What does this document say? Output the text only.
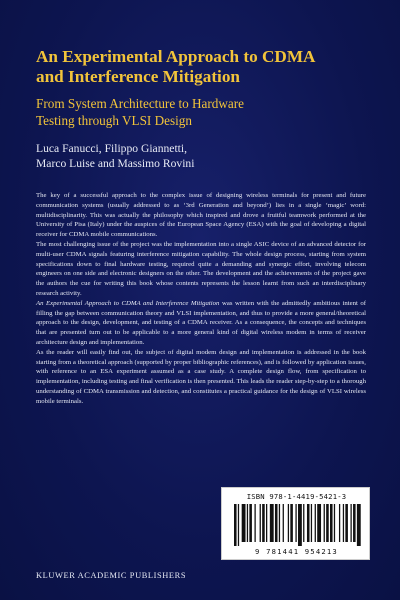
An Experimental Approach to CDMA
and Interference Mitigation
From System Architecture to Hardware
Testing through VLSI Design
Luca Fanucci, Filippo Giannetti,
Marco Luise and Massimo Rovini

The key of a successful approach to the complex issue of designing wireless terminals for present and future communication systems (usually addressed to as ‘3rd Generation and beyond’) lies in a single ‘magic’ word: multidisciplinarity. This was actually the philosophy which inspired and drove a fruitful teamwork performed at the University of Pisa (Italy) under the auspices of the European Space Agency (ESA) with the goal of developing a digital receiver for CDMA mobile communications.

The most challenging issue of the project was the implementation into a single ASIC device of an advanced detector for multi-user CDMA signals featuring interference mitigation capability. The whole design process, starting from system specifications down to final hardware testing, required quite a demanding and synergic effort, involving telecom engineers on one side and electronic designers on the other. The development and the achievements of the project gave the authors the cue for writing this book whose contents represents the lesson learnt from such an interdisciplinary research activity.

An Experimental Approach to CDMA and Interference Mitigation was written with the admittedly ambitious intent of filling the gap between communication theory and VLSI implementation, and thus to provide a more general/theoretical approach to the design, development, and testing of a CDMA receiver. As a consequence, the concepts and techniques that are presented turn out to be applicable to a more general kind of digital wireless modem in terms of receiver architecture design and implementation.

As the reader will easily find out, the subject of digital modem design and implementation is addressed in the book starting from a theoretical approach (supported by proper bibliographic references), and is followed by application issues, with reference to an ESA experiment assumed as a case study. A complete design flow, from specification to implementation, including testing and final verification is then presented. This leads the reader step-by-step to a thorough understanding of CDMA transmission and detection, and constitutes a practical guidance for the design of VLSI wireless mobile terminals.

ISBN 978-1-4419-5421-3
9 781441 954213
KLUWER ACADEMIC PUBLISHERS
